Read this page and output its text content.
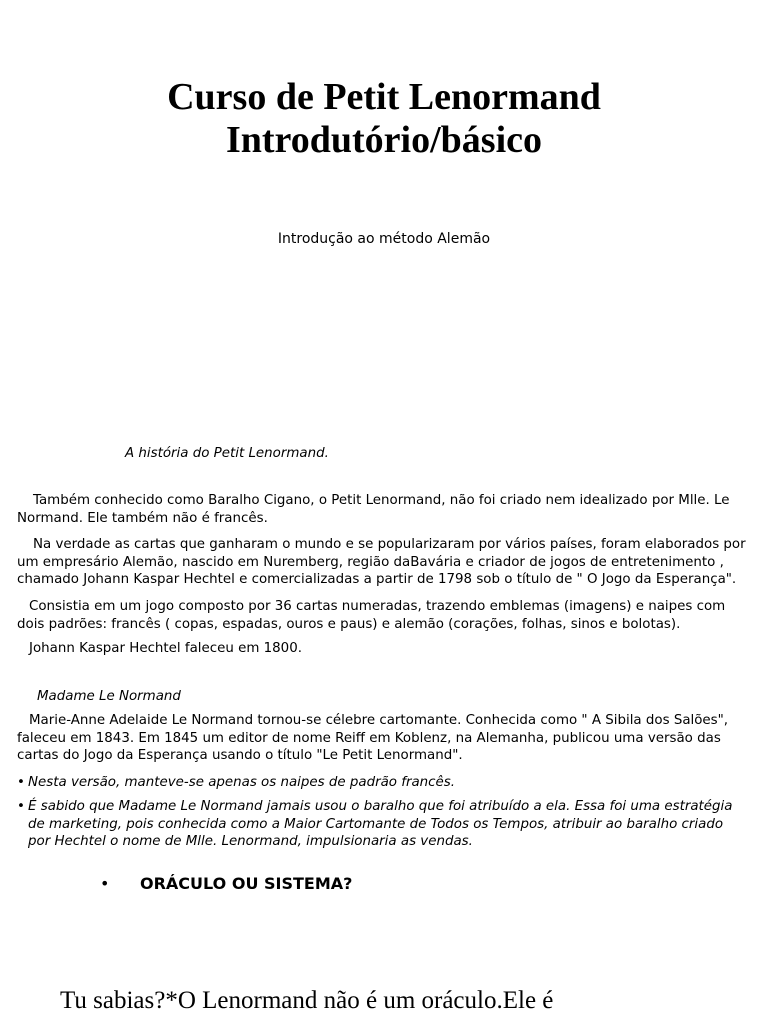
Curso de Petit Lenormand
Introdutório/básico
Introdução ao método Alemão
A história do Petit Lenormand.
Também conhecido como Baralho Cigano, o Petit Lenormand, não foi criado nem idealizado por Mlle. Le
Normand. Ele também não é francês.
Na verdade as cartas que ganharam o mundo e se popularizaram por vários países, foram elaborados por
um empresário Alemão, nascido em Nuremberg, região daBavária e criador de jogos de entretenimento ,
chamado Johann Kaspar Hechtel e comercializadas a partir de 1798 sob o título de " O Jogo da Esperança".
Consistia em um jogo composto por 36 cartas numeradas, trazendo emblemas (imagens) e naipes com
dois padrões: francês ( copas, espadas, ouros e paus) e alemão (corações, folhas, sinos e bolotas).
Johann Kaspar Hechtel faleceu em 1800.
Madame Le Normand
Marie-Anne Adelaide Le Normand tornou-se célebre cartomante. Conhecida como " A Sibila dos Salões",
faleceu em 1843. Em 1845 um editor de nome Reiff em Koblenz, na Alemanha, publicou uma versão das
cartas do Jogo da Esperança usando o título "Le Petit Lenormand".
• Nesta versão, manteve-se apenas os naipes de padrão francês.
• É sabido que Madame Le Normand jamais usou o baralho que foi atribuído a ela. Essa foi uma estratégia
de marketing, pois conhecida como a Maior Cartomante de Todos os Tempos, atribuir ao baralho criado
por Hechtel o nome de Mlle. Lenormand, impulsionaria as vendas.
• ORÁCULO OU SISTEMA?
Tu sabias?*O Lenormand não é um oráculo.Ele é
